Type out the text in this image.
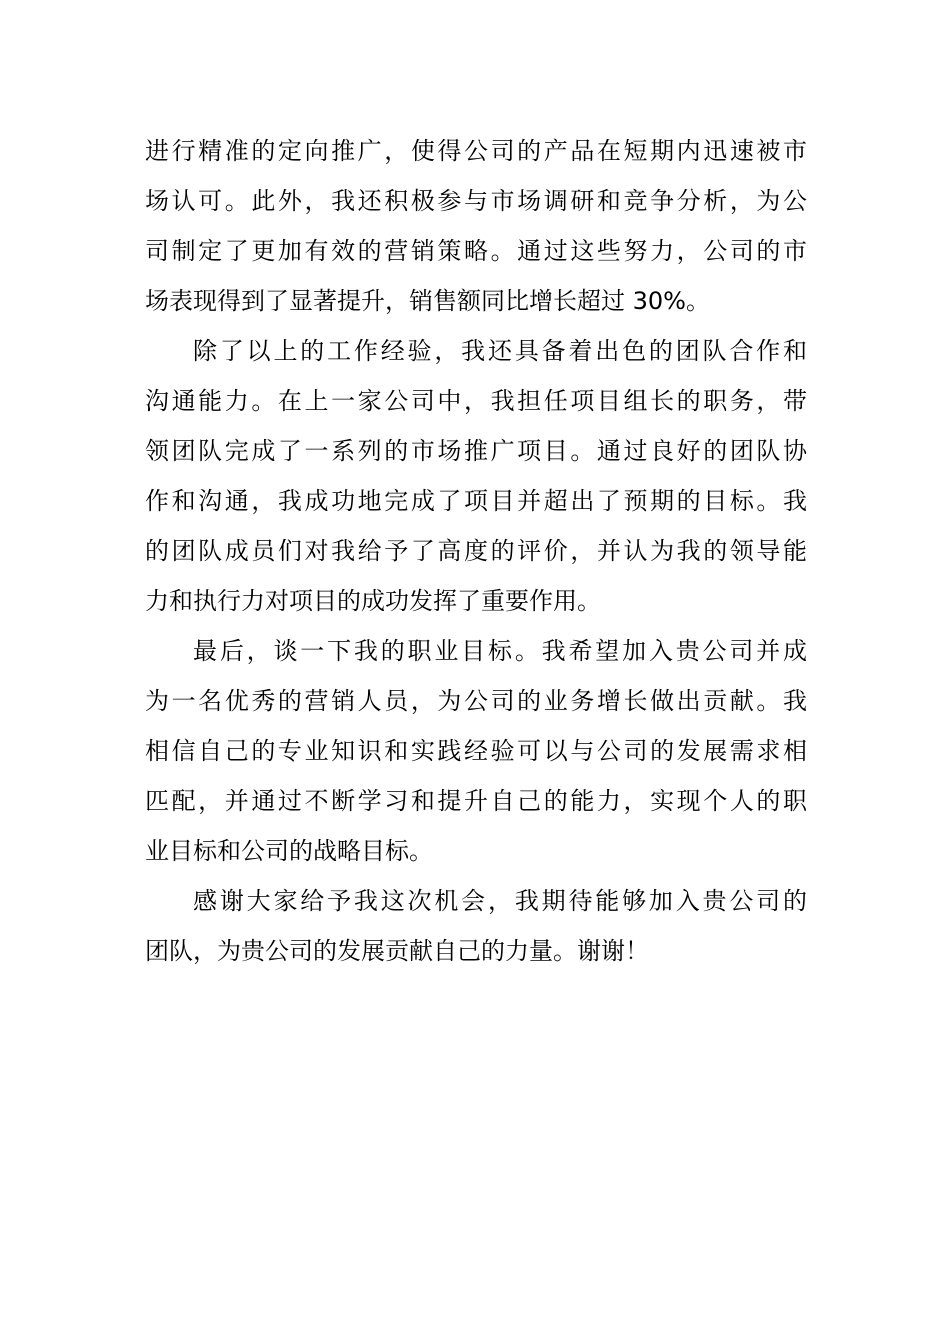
进行精准的定向推广，使得公司的产品在短期内迅速被市
场认可。此外，我还积极参与市场调研和竞争分析，为公
司制定了更加有效的营销策略。通过这些努力，公司的市
场表现得到了显著提升，销售额同比增长超过 30%。
除了以上的工作经验，我还具备着出色的团队合作和
沟通能力。在上一家公司中，我担任项目组长的职务，带
领团队完成了一系列的市场推广项目。通过良好的团队协
作和沟通，我成功地完成了项目并超出了预期的目标。我
的团队成员们对我给予了高度的评价，并认为我的领导能
力和执行力对项目的成功发挥了重要作用。
最后，谈一下我的职业目标。我希望加入贵公司并成
为一名优秀的营销人员，为公司的业务增长做出贡献。我
相信自己的专业知识和实践经验可以与公司的发展需求相
匹配，并通过不断学习和提升自己的能力，实现个人的职
业目标和公司的战略目标。
感谢大家给予我这次机会，我期待能够加入贵公司的
团队，为贵公司的发展贡献自己的力量。谢谢！
